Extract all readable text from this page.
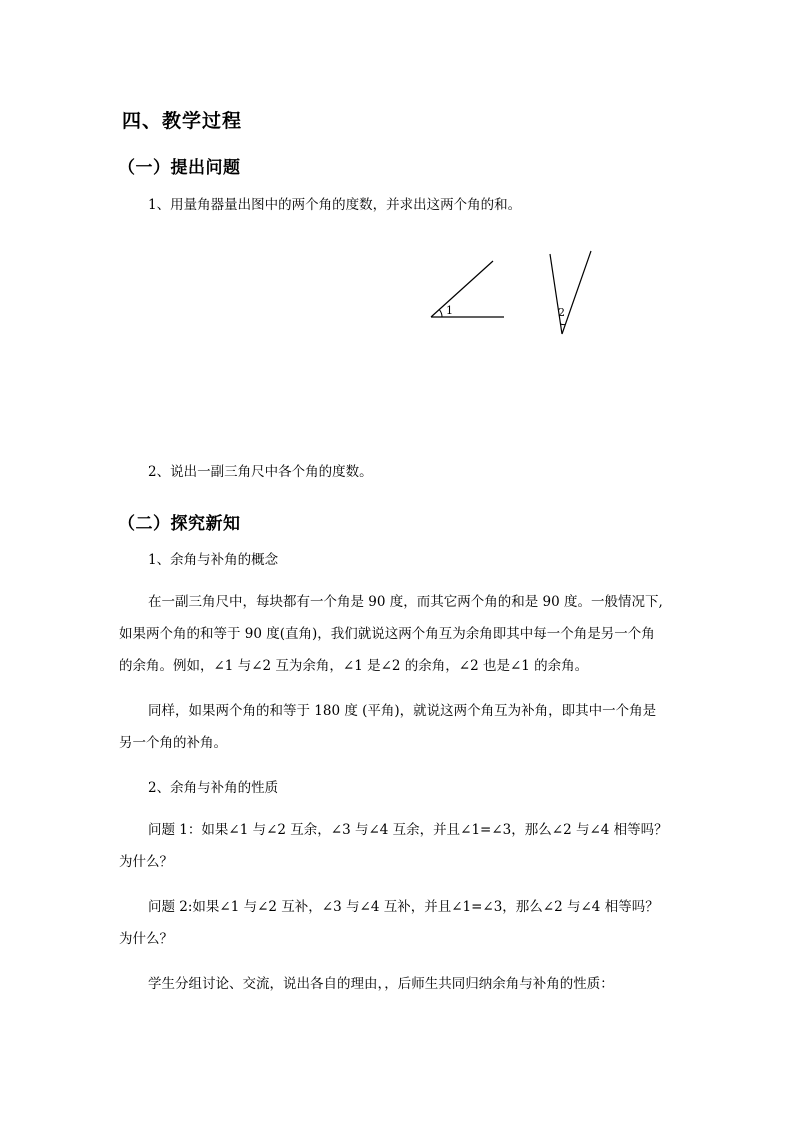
四、教学过程
（一）提出问题
1、用量角器量出图中的两个角的度数，并求出这两个角的和。
1	2
2、说出一副三角尺中各个角的度数。
（二）探究新知
1、余角与补角的概念
在一副三角尺中，每块都有一个角是 90 度，而其它两个角的和是 90 度。一般情况下,
如果两个角的和等于 90 度(直角)，我们就说这两个角互为余角即其中每一个角是另一个角
的余角。例如，∠1 与∠2 互为余角，∠1 是∠2 的余角，∠2 也是∠1 的余角。
同样，如果两个角的和等于 180 度 (平角)，就说这两个角互为补角，即其中一个角是
另一个角的补角。
2、余角与补角的性质
问题 1：如果∠1 与∠2 互余，∠3 与∠4 互余，并且∠1=∠3，那么∠2 与∠4 相等吗？
为什么？
问题 2:如果∠1 与∠2 互补，∠3 与∠4 互补，并且∠1=∠3，那么∠2 与∠4 相等吗？
为什么？
学生分组讨论、交流，说出各自的理由，，后师生共同归纳余角与补角的性质：
